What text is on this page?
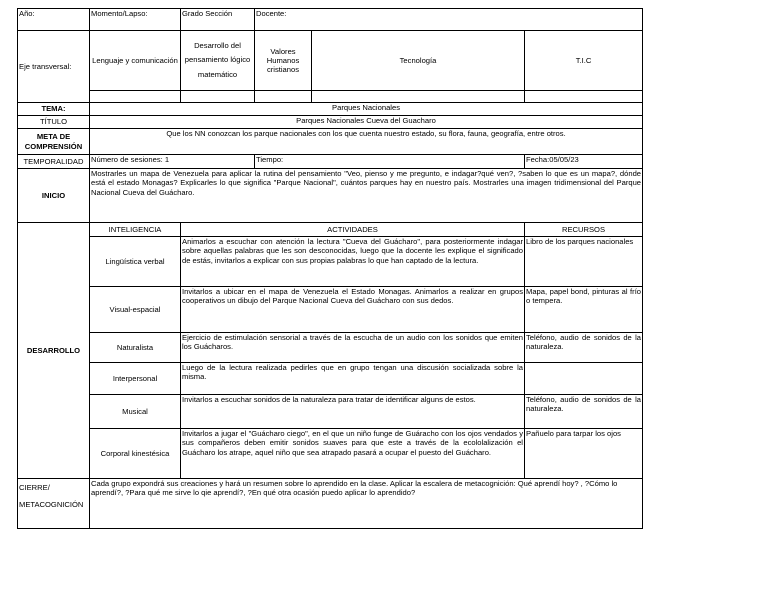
Año:	Momento/Lapso:	Grado Sección	Docente:		
Eje transversal:	Lenguaje y comunicación	Desarrollo del pensamiento lógico matemático	Valores Humanos cristianos	Tecnología	T.I.C

TEMA:	Parques Nacionales				
TÍTULO	Parques Nacionales Cueva del Guacharo				
META DE COMPRENSIÓN	Que los NN conozcan los parque nacionales con los que cuenta nuestro estado, su flora, fauna, geografía, entre otros.				
TEMPORALIDAD	Número de sesiones: 1		Tiempo:		Fecha:05/05/23
INICIO	Mostrarles un mapa de Venezuela para aplicar la rutina del pensamiento "Veo, pienso y me pregunto, e indagar?qué ven?, ?saben lo que es un mapa?, dónde está el estado Monagas? Explicarles lo que significa "Parque Nacional", cuántos parques hay en nuestro país. Mostrarles una imagen tridimensional del Parque Nacional Cueva del Guácharo.				
DESARROLLO	INTELIGENCIA	ACTIVIDADES			RECURSOS
	Lingüística verbal	Animarlos a escuchar con atención la lectura "Cueva del Guácharo", para posteriormente indagar sobre aquellas palabras que les son desconocidas, luego que la docente les explique el significado de estás, invitarlos a explicar con sus propias palabras lo que han captado de la lectura.			Libro de los parques nacionales
	Visual-espacial	Invitarlos a ubicar en el mapa de Venezuela el Estado Monagas. Animarlos a realizar en grupos cooperativos un dibujo del Parque Nacional Cueva del Guácharo con sus dedos.			Mapa, papel bond, pinturas al frío o tempera.
	Naturalista	Ejercicio de estimulación sensorial a través de la escucha de un audio con los sonidos que emiten los Guácharos.			Teléfono, audio de sonidos de la naturaleza.
	Interpersonal	Luego de la lectura realizada pedirles que en grupo tengan una discusión socializada sobre la misma.			
	Musical	Invitarlos a escuchar sonidos de la naturaleza para tratar de identificar alguns de estos.			Teléfono, audio de sonidos de la naturaleza.
	Corporal kinestésica	Invitarlos a jugar el "Guácharo ciego", en el que un niño funge de Guáracho con los ojos vendados y sus compañeros deben emitir sonidos suaves para que este a través de la ecololalización el Guácharo los atrape, aquel niño que sea atrapado pasará a ocupar el puesto del Guácharo.			Pañuelo para tarpar los ojos
CIERRE/ METACOGNICIÓN	Cada grupo expondrá sus creaciones y hará un resumen sobre lo aprendido en la clase. Aplicar la escalera de metacognición: Qué aprendí hoy? , ?Cómo lo aprendí?, ?Para qué me sirve lo qie aprendí?, ?En qué otra ocasión puedo aplicar lo aprendido?				
